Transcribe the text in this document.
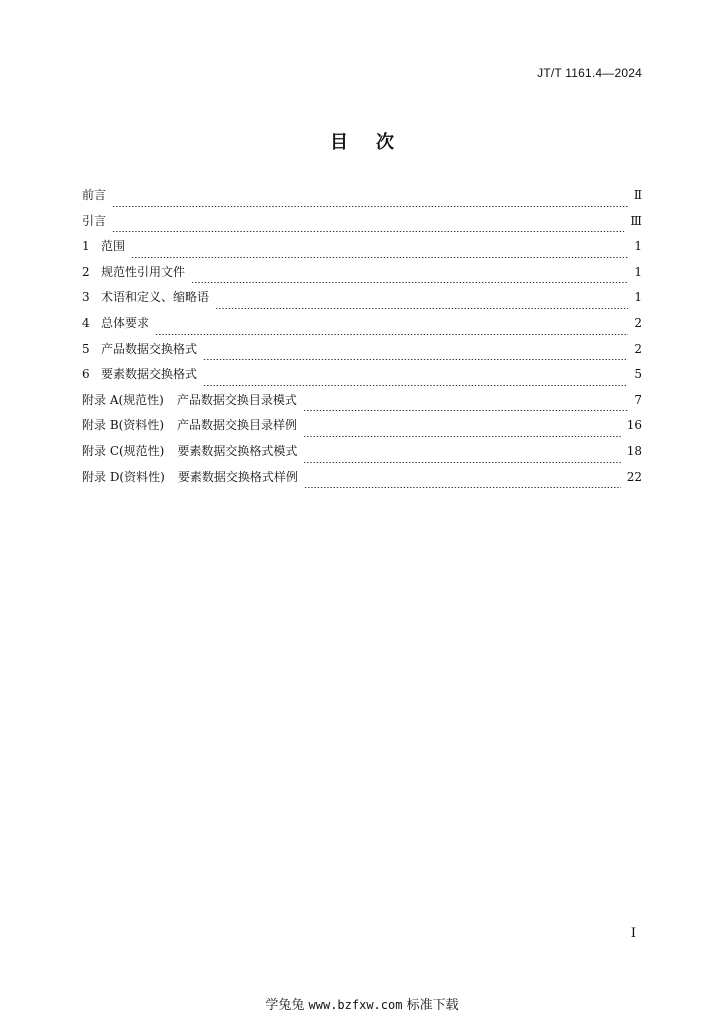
JT/T 1161.4—2024
目 次
前言	Ⅱ
引言	Ⅲ
1 范围	1
2 规范性引用文件	1
3 术语和定义、缩略语	1
4 总体要求	2
5 产品数据交换格式	2
6 要素数据交换格式	5
附录 A(规范性) 产品数据交换目录模式	7
附录 B(资料性) 产品数据交换目录样例	16
附录 C(规范性) 要素数据交换格式模式	18
附录 D(资料性) 要素数据交换格式样例	22
I
学兔兔 www.bzfxw.com 标准下载
